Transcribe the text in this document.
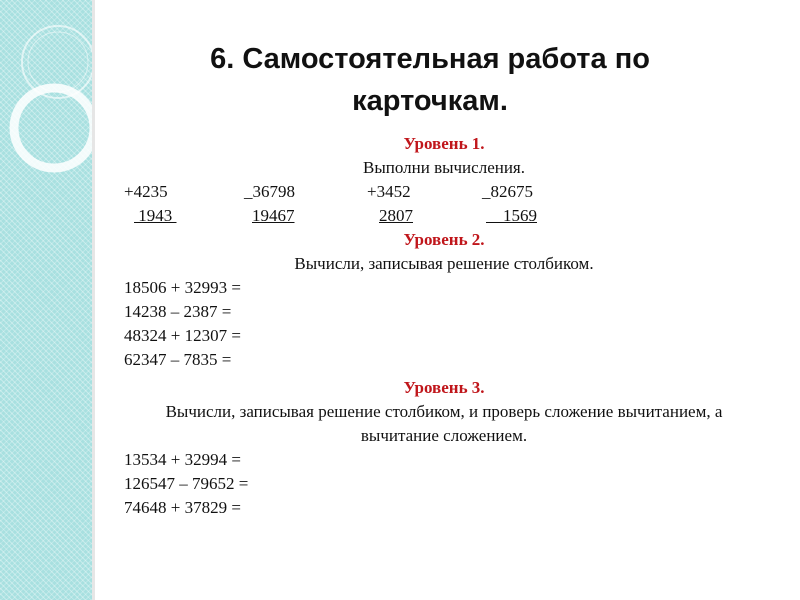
6. Самостоятельная работа по
карточкам.
Уровень 1.
Выполни вычисления.
+4235	_36798	+3452	_82675
1943	19467	2807	1569
Уровень 2.
Вычисли, записывая решение столбиком.
18506 + 32993 =
14238 – 2387 =
48324 + 12307 =
62347 – 7835 =
Уровень 3.
Вычисли, записывая решение столбиком, и проверь сложение вычитанием, а вычитание сложением.
13534 + 32994 =
126547 – 79652 =
74648 + 37829 =
